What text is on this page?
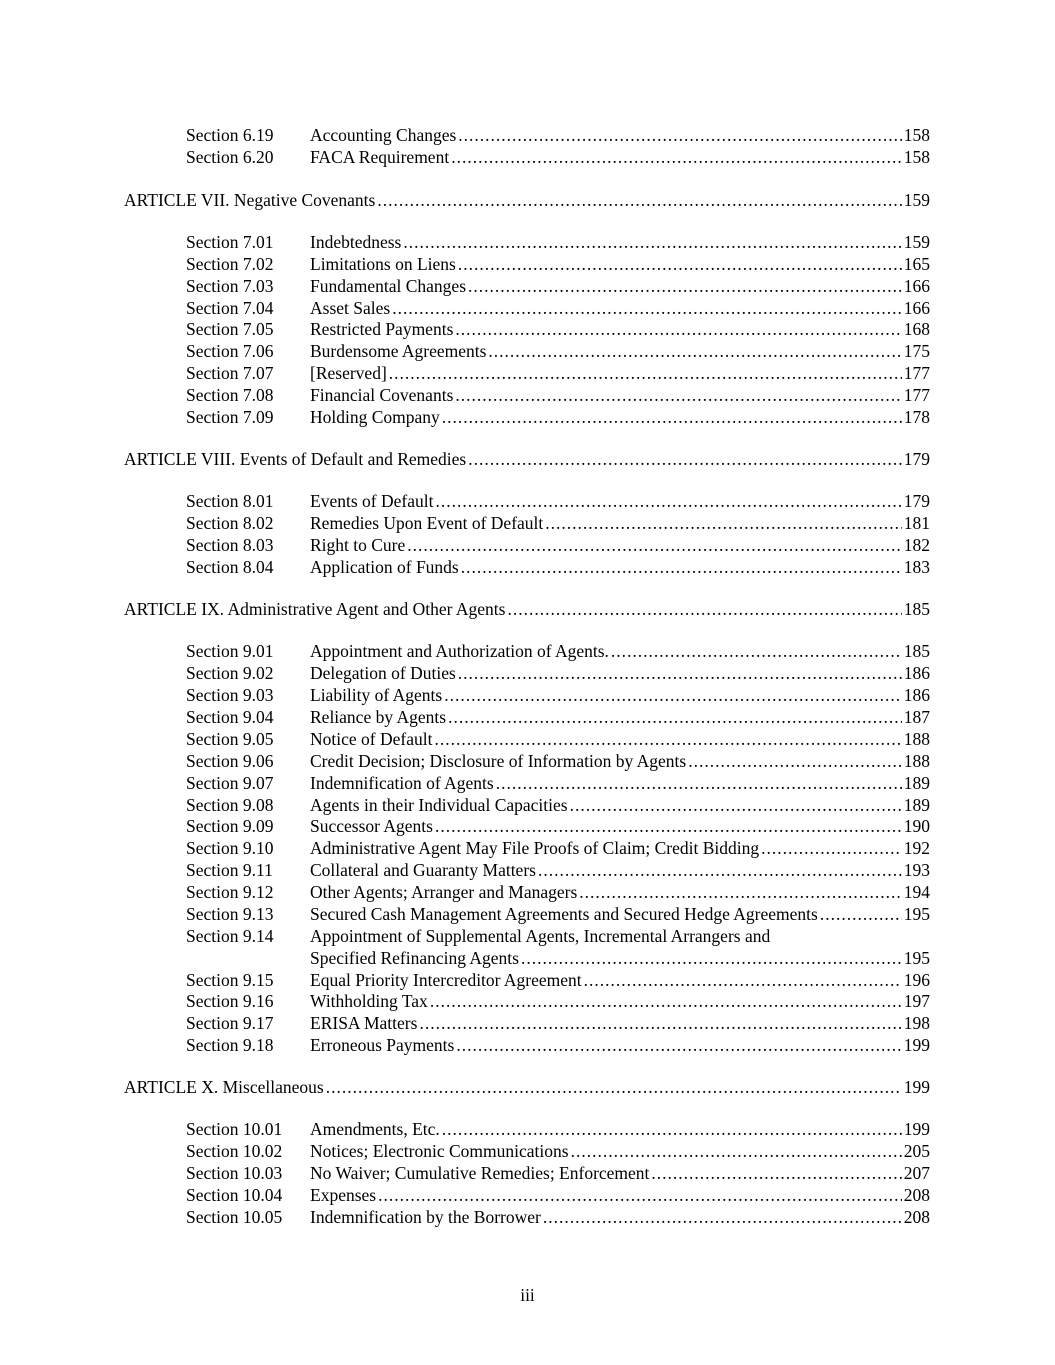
Section 6.19	Accounting Changes .....	158
Section 6.20	FACA Requirement .....	158
ARTICLE VII. Negative Covenants .....	159
Section 7.01	Indebtedness .....	159
Section 7.02	Limitations on Liens .....	165
Section 7.03	Fundamental Changes .....	166
Section 7.04	Asset Sales .....	166
Section 7.05	Restricted Payments .....	168
Section 7.06	Burdensome Agreements .....	175
Section 7.07	[Reserved] .....	177
Section 7.08	Financial Covenants .....	177
Section 7.09	Holding Company .....	178
ARTICLE VIII. Events of Default and Remedies .....	179
Section 8.01	Events of Default .....	179
Section 8.02	Remedies Upon Event of Default .....	181
Section 8.03	Right to Cure .....	182
Section 8.04	Application of Funds .....	183
ARTICLE IX. Administrative Agent and Other Agents .....	185
Section 9.01	Appointment and Authorization of Agents. .....	185
Section 9.02	Delegation of Duties .....	186
Section 9.03	Liability of Agents .....	186
Section 9.04	Reliance by Agents .....	187
Section 9.05	Notice of Default .....	188
Section 9.06	Credit Decision; Disclosure of Information by Agents .....	188
Section 9.07	Indemnification of Agents .....	189
Section 9.08	Agents in their Individual Capacities .....	189
Section 9.09	Successor Agents .....	190
Section 9.10	Administrative Agent May File Proofs of Claim; Credit Bidding .....	192
Section 9.11	Collateral and Guaranty Matters .....	193
Section 9.12	Other Agents; Arranger and Managers .....	194
Section 9.13	Secured Cash Management Agreements and Secured Hedge Agreements .....	195
Section 9.14	Appointment of Supplemental Agents, Incremental Arrangers and
Specified Refinancing Agents .....	195
Section 9.15	Equal Priority Intercreditor Agreement .....	196
Section 9.16	Withholding Tax .....	197
Section 9.17	ERISA Matters .....	198
Section 9.18	Erroneous Payments .....	199
ARTICLE X. Miscellaneous .....	199
Section 10.01	Amendments, Etc. .....	199
Section 10.02	Notices; Electronic Communications .....	205
Section 10.03	No Waiver; Cumulative Remedies; Enforcement .....	207
Section 10.04	Expenses .....	208
Section 10.05	Indemnification by the Borrower .....	208
iii
